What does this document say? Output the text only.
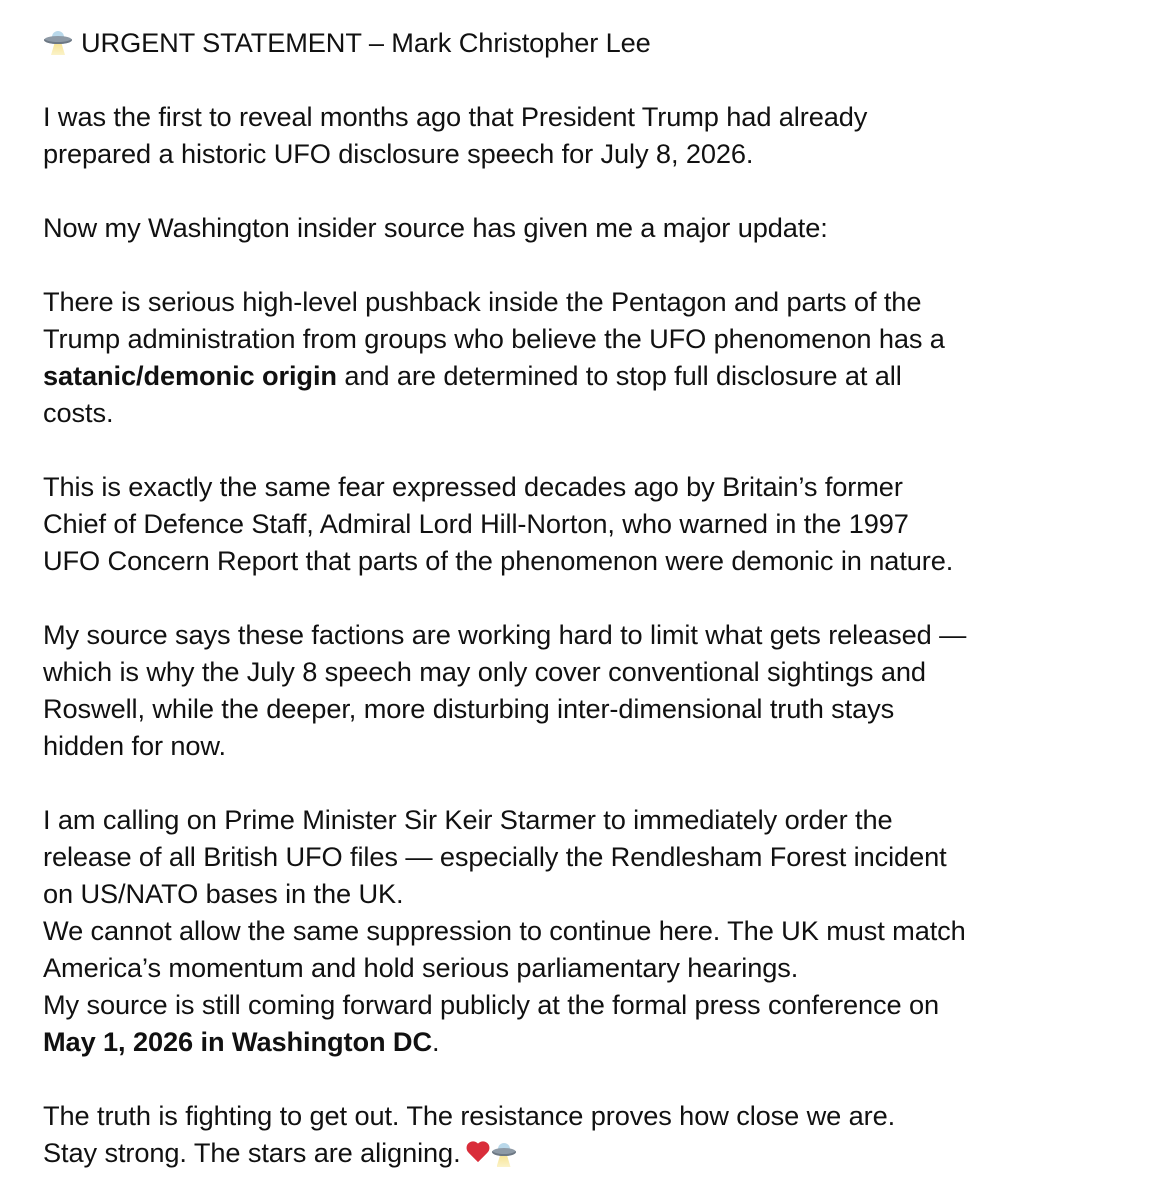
URGENT STATEMENT – Mark Christopher Lee
I was the first to reveal months ago that President Trump had already
prepared a historic UFO disclosure speech for July 8, 2026.
Now my Washington insider source has given me a major update:
There is serious high-level pushback inside the Pentagon and parts of the
Trump administration from groups who believe the UFO phenomenon has a
satanic/demonic origin and are determined to stop full disclosure at all
costs.
This is exactly the same fear expressed decades ago by Britain’s former
Chief of Defence Staff, Admiral Lord Hill-Norton, who warned in the 1997
UFO Concern Report that parts of the phenomenon were demonic in nature.
My source says these factions are working hard to limit what gets released —
which is why the July 8 speech may only cover conventional sightings and
Roswell, while the deeper, more disturbing inter-dimensional truth stays
hidden for now.
I am calling on Prime Minister Sir Keir Starmer to immediately order the
release of all British UFO files — especially the Rendlesham Forest incident
on US/NATO bases in the UK.
We cannot allow the same suppression to continue here. The UK must match
America’s momentum and hold serious parliamentary hearings.
My source is still coming forward publicly at the formal press conference on
May 1, 2026 in Washington DC.
The truth is fighting to get out. The resistance proves how close we are.
Stay strong. The stars are aligning.
